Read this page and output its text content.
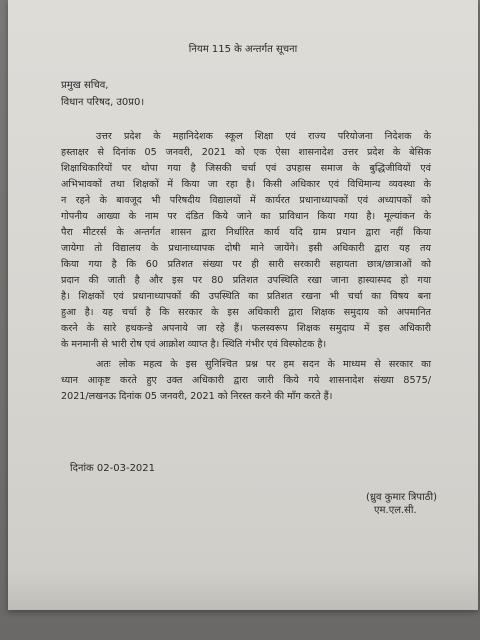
नियम 115 के अन्तर्गत सूचना
प्रमुख सचिव,
विधान परिषद, उ0प्र0।
उत्तर प्रदेश के महानिदेशक स्कूल शिक्षा एवं राज्य परियोजना निदेशक के
हस्ताक्षर से दिनांक 05 जनवरी, 2021 को एक ऐसा शासनादेश उत्तर प्रदेश के बेसिक
शिक्षाधिकारियों पर थोपा गया है जिसकी चर्चा एवं उपहास समाज के बुद्धिजीवियों एवं
अभिभावकों तथा शिक्षकों में किया जा रहा है। किसी अधिकार एवं विधिमान्य व्यवस्था के
न रहने के बावजूद भी परिषदीय विद्यालयों में कार्यरत प्रधानाध्यापकों एवं अध्यापकों को
गोपनीय आख्या के नाम पर दंडित किये जाने का प्राविधान किया गया है। मूल्यांकन के
पैरा मीटरर्स के अन्तर्गत शासन द्वारा निर्धारित कार्य यदि ग्राम प्रधान द्वारा नहीं किया
जायेगा तो विद्यालय के प्रधानाध्यापक दोषी माने जायेंगे। इसी अधिकारी द्वारा यह तय
किया गया है कि 60 प्रतिशत संख्या पर ही सारी सरकारी सहायता छात्र/छात्राओं को
प्रदान की जाती है और इस पर 80 प्रतिशत उपस्थिति रखा जाना हास्यास्पद हो गया
है। शिक्षकों एवं प्रधानाध्यापकों की उपस्थिति का प्रतिशत रखना भी चर्चा का विषय बना
हुआ है। यह चर्चा है कि सरकार के इस अधिकारी द्वारा शिक्षक समुदाय को अपमानित
करने के सारे हथकन्डे अपनाये जा रहे हैं। फलस्वरूप शिक्षक समुदाय में इस अधिकारी
के मनमानी से भारी रोष एवं आक्रोश व्याप्त है। स्थिति गंभीर एवं विस्फोटक है।
अतः लोक महत्व के इस सुनिश्चित प्रश्न पर हम सदन के माध्यम से सरकार का
ध्यान आकृष्ट करते हुए उक्त अधिकारी द्वारा जारी किये गये शासनादेश संख्या 8575/
2021/लखनऊ दिनांक 05 जनवरी, 2021 को निरस्त करने की माँग करते हैं।
दिनांक 02-03-2021
(ध्रुव कुमार त्रिपाठी)
एम.एल.सी.
